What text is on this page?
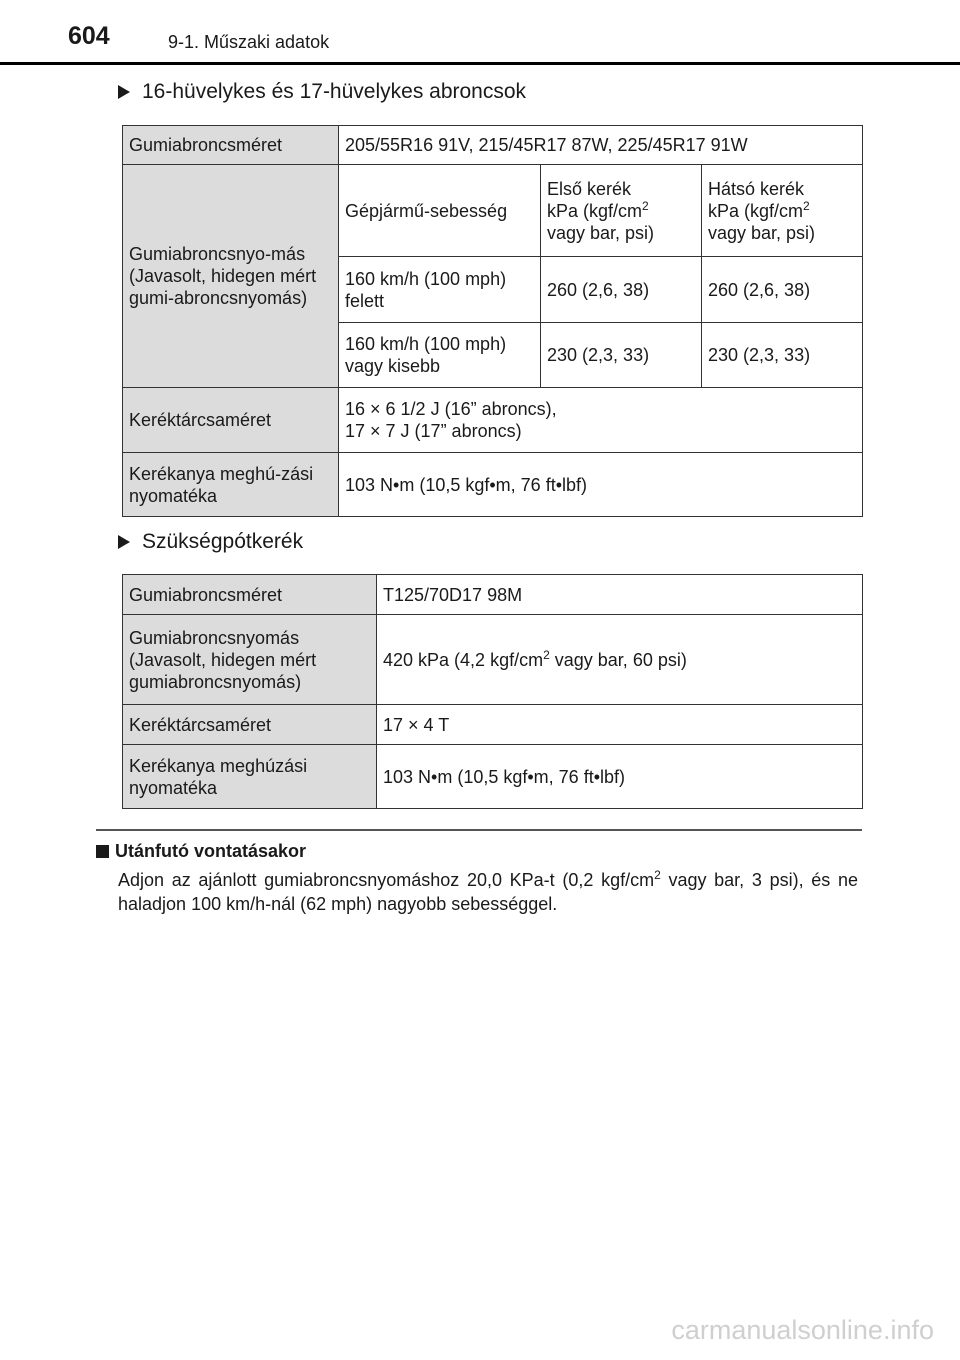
604	9-1. Műszaki adatok
16-hüvelykes és 17-hüvelykes abroncsok
Gumiabroncsméret	205/55R16 91V, 215/45R17 87W, 225/45R17 91W		
Gumiabroncsnyo-más (Javasolt, hidegen mért gumi-abroncsnyomás)	Gépjármű-sebesség	Első kerék
kPa ($kgf/cm^2$
vagy bar, psi)	Hátsó kerék
kPa ($kgf/cm^2$
vagy bar, psi)
	160 km/h (100 mph) felett	260 (2,6, 38)	260 (2,6, 38)
	160 km/h (100 mph) vagy kisebb	230 (2,3, 33)	230 (2,3, 33)
Keréktárcsaméret	16 × 6 1/2 J (16” abroncs),
17 × 7 J (17” abroncs)		
Kerékanya meghú-zási nyomatéka	103 N•m (10,5 kgf•m, 76 ft•lbf)		
Szükségpótkerék
Gumiabroncsméret	T125/70D17 98M
Gumiabroncsnyomás (Javasolt, hidegen mért gumiabroncsnyomás)	420 kPa (4,2 kgf/$cm^2$ vagy bar, 60 psi)
Keréktárcsaméret	17 × 4 T
Kerékanya meghúzási nyomatéka	103 N•m (10,5 kgf•m, 76 ft•lbf)
Utánfutó vontatásakor
Adjon az ajánlott gumiabroncsnyomáshoz 20,0 KPa-t (0,2 kgf/$cm^2$ vagy bar, 3 psi), és ne haladjon 100 km/h-nál (62 mph) nagyobb sebességgel.
carmanualsonline.info
